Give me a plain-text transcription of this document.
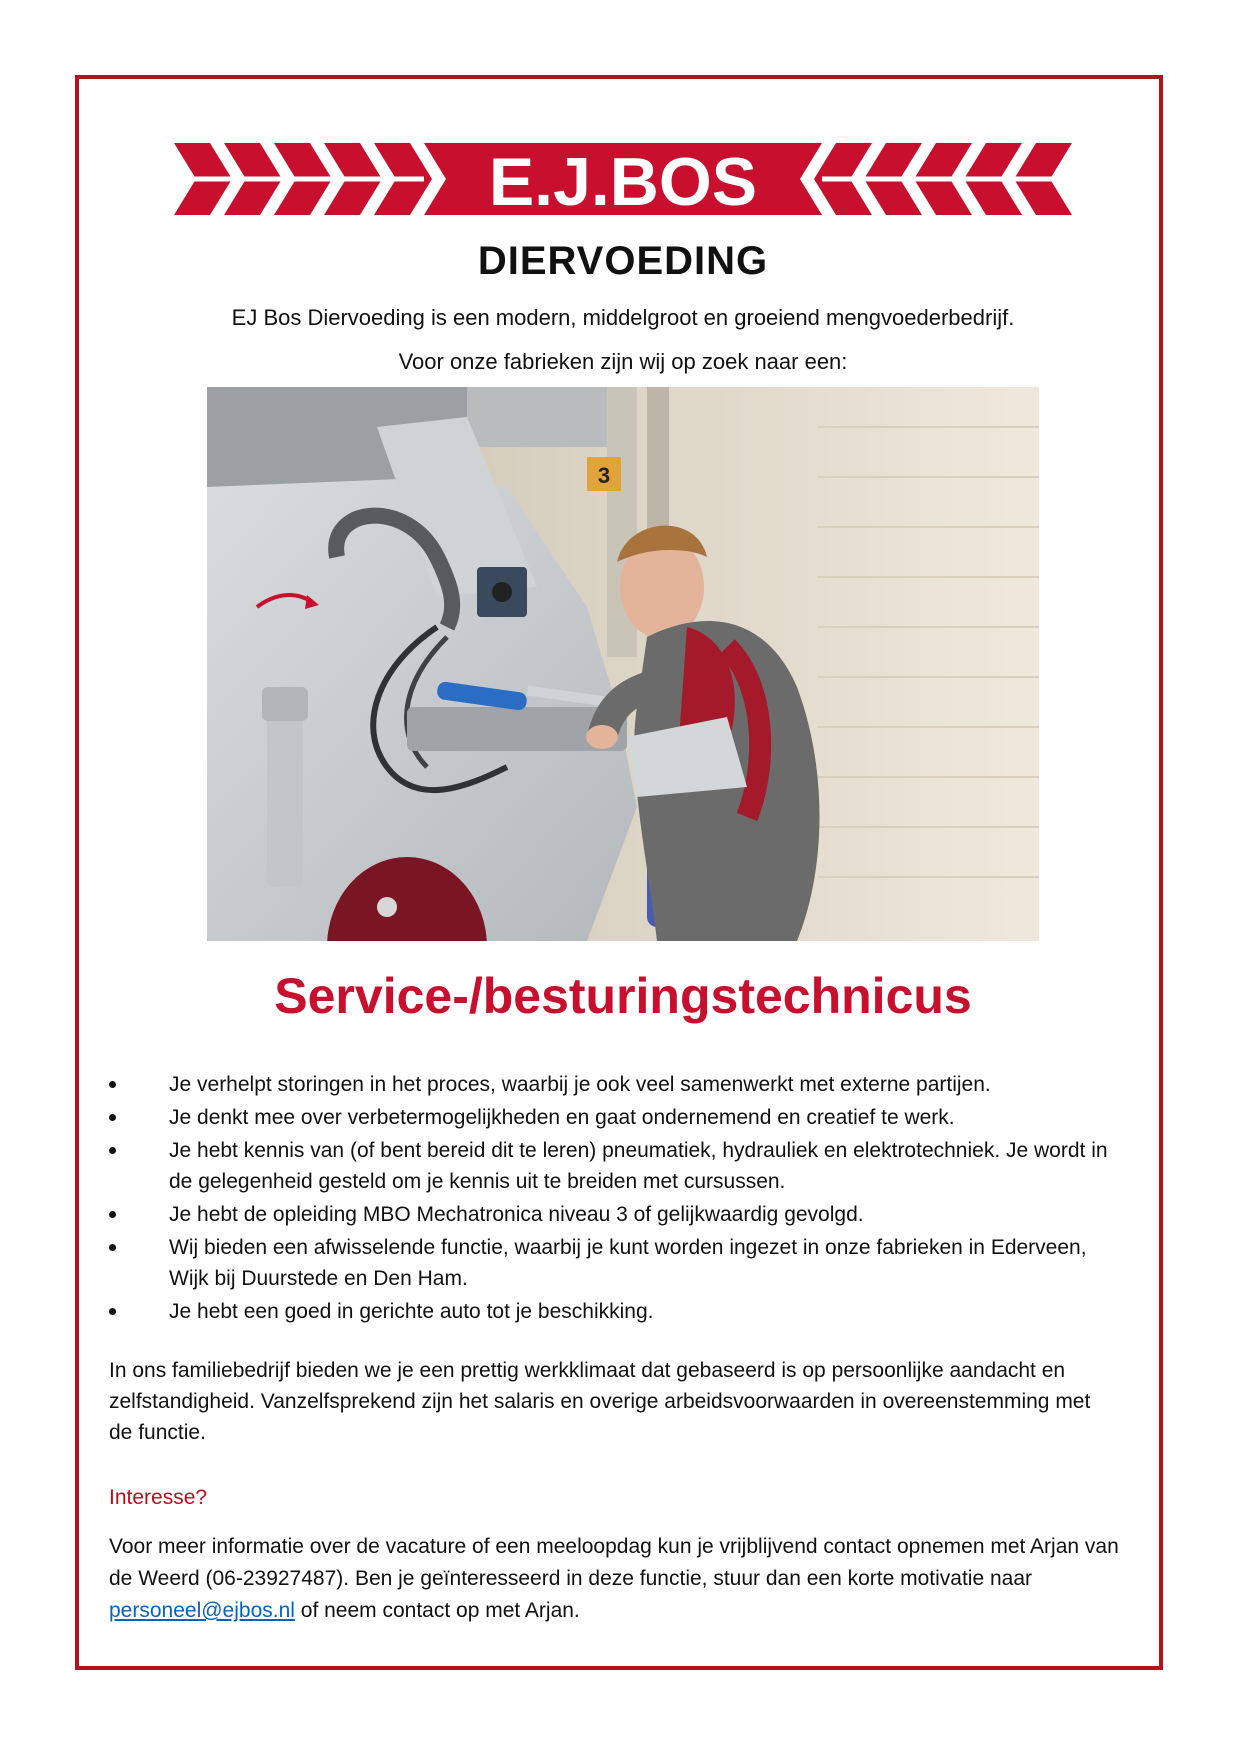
E.J.BOS
DIERVOEDING
EJ Bos Diervoeding is een modern, middelgroot en groeiend mengvoederbedrijf.
Voor onze fabrieken zijn wij op zoek naar een:
3
Service-/besturingstechnicus
Je verhelpt storingen in het proces, waarbij je ook veel samenwerkt met externe partijen.
Je denkt mee over verbetermogelijkheden en gaat ondernemend en creatief te werk.
Je hebt kennis van (of bent bereid dit te leren) pneumatiek, hydrauliek en elektrotechniek. Je wordt in de gelegenheid gesteld om je kennis uit te breiden met cursussen.
Je hebt de opleiding MBO Mechatronica niveau 3 of gelijkwaardig gevolgd.
Wij bieden een afwisselende functie, waarbij je kunt worden ingezet in onze fabrieken in Ederveen, Wijk bij Duurstede en Den Ham.
Je hebt een goed in gerichte auto tot je beschikking.

In ons familiebedrijf bieden we je een prettig werkklimaat dat gebaseerd is op persoonlijke aandacht en zelfstandigheid. Vanzelfsprekend zijn het salaris en overige arbeidsvoorwaarden in overeenstemming met de functie.

Interesse?

Voor meer informatie over de vacature of een meeloopdag kun je vrijblijvend contact opnemen met Arjan van de Weerd (06-23927487). Ben je geïnteresseerd in deze functie, stuur dan een korte motivatie naar personeel@ejbos.nl of neem contact op met Arjan.
